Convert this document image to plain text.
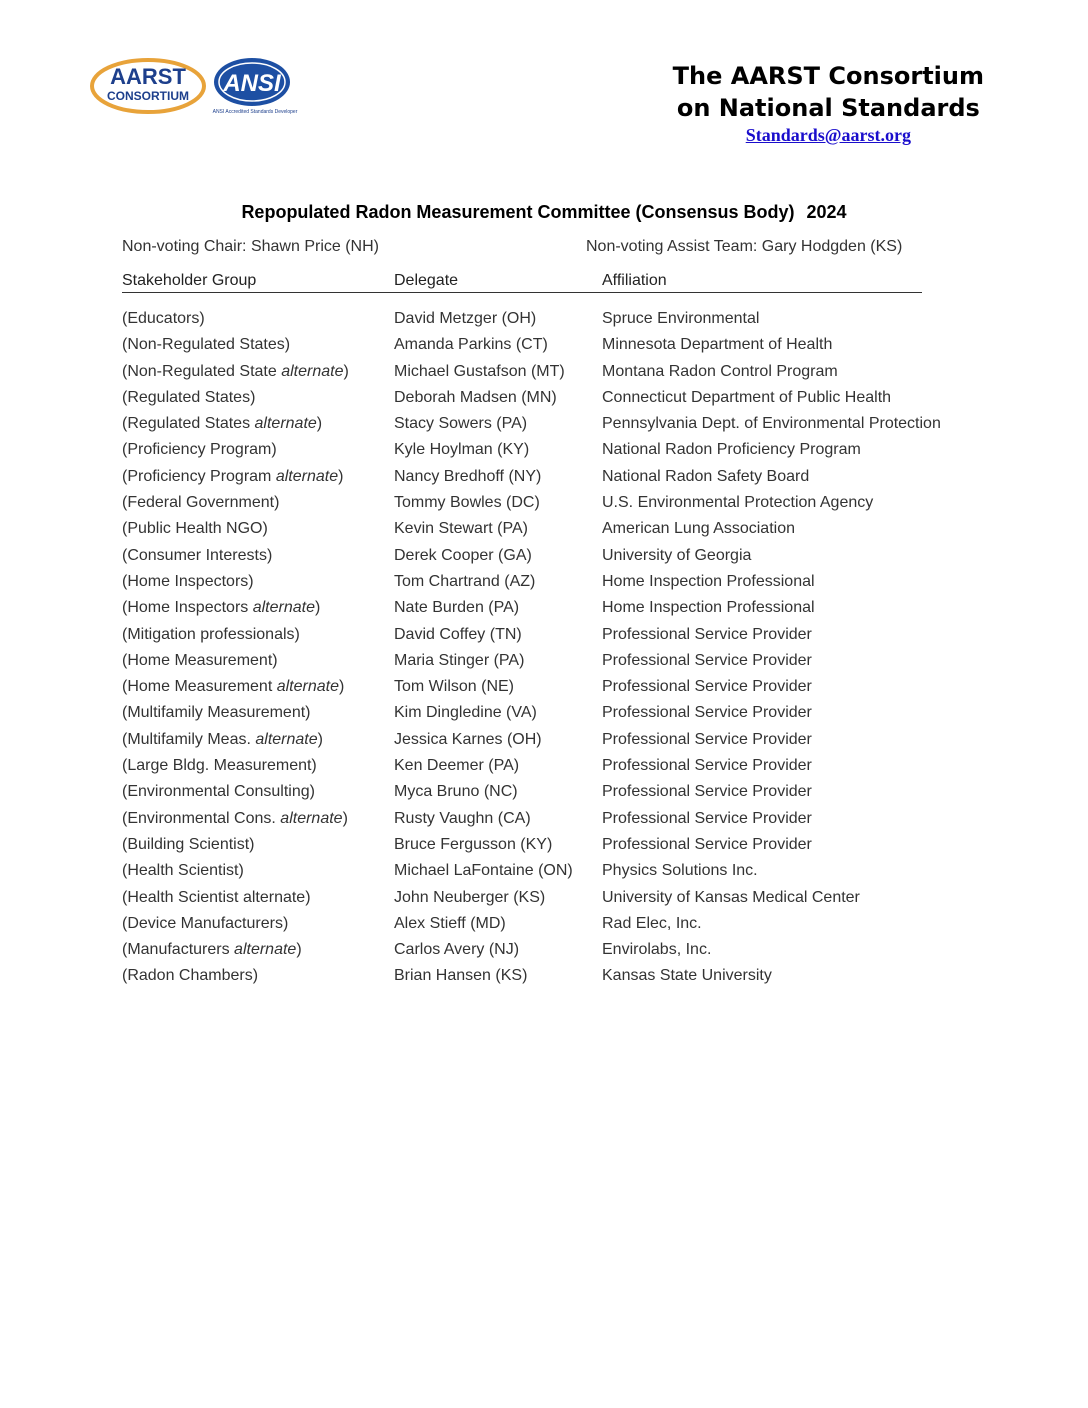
AARST
CONSORTIUM ANSI
ANSI Accredited Standards Developer
The AARST Consortium
on National Standards
Standards@aarst.org
Repopulated Radon Measurement Committee (Consensus Body) 2024
Non-voting Chair: Shawn Price (NH)	Non-voting Assist Team: Gary Hodgden (KS)
Stakeholder Group	Delegate	Affiliation
(Educators)	David Metzger (OH)	Spruce Environmental
(Non-Regulated States)	Amanda Parkins (CT)	Minnesota Department of Health
(Non-Regulated State alternate)	Michael Gustafson (MT) Montana Radon Control Program
(Regulated States)	Deborah Madsen (MN)	Connecticut Department of Public Health
(Regulated States alternate)	Stacy Sowers (PA)	Pennsylvania Dept. of Environmental Protection
(Proficiency Program)	Kyle Hoylman (KY)	National Radon Proficiency Program
(Proficiency Program alternate)	Nancy Bredhoff (NY)	National Radon Safety Board
(Federal Government)	Tommy Bowles (DC)	U.S. Environmental Protection Agency
(Public Health NGO)	Kevin Stewart (PA)	American Lung Association
(Consumer Interests)	Derek Cooper (GA)	University of Georgia
(Home Inspectors)	Tom Chartrand (AZ)	Home Inspection Professional
(Home Inspectors alternate)	Nate Burden (PA)	Home Inspection Professional
(Mitigation professionals)	David Coffey (TN)	Professional Service Provider
(Home Measurement)	Maria Stinger (PA)	Professional Service Provider
(Home Measurement alternate)	Tom Wilson (NE)	Professional Service Provider
(Multifamily Measurement)	Kim Dingledine (VA)	Professional Service Provider
(Multifamily Meas. alternate)	Jessica Karnes (OH)	Professional Service Provider
(Large Bldg. Measurement)	Ken Deemer (PA)	Professional Service Provider
(Environmental Consulting)	Myca Bruno (NC)	Professional Service Provider
(Environmental Cons. alternate)	Rusty Vaughn (CA)	Professional Service Provider
(Building Scientist)	Bruce Fergusson (KY)	Professional Service Provider
(Health Scientist)	Michael LaFontaine (ON) Physics Solutions Inc.
(Health Scientist alternate)	John Neuberger (KS)	University of Kansas Medical Center
(Device Manufacturers)	Alex Stieff (MD)	Rad Elec, Inc.
(Manufacturers alternate)	Carlos Avery (NJ)	Envirolabs, Inc.
(Radon Chambers)	Brian Hansen (KS)	Kansas State University
